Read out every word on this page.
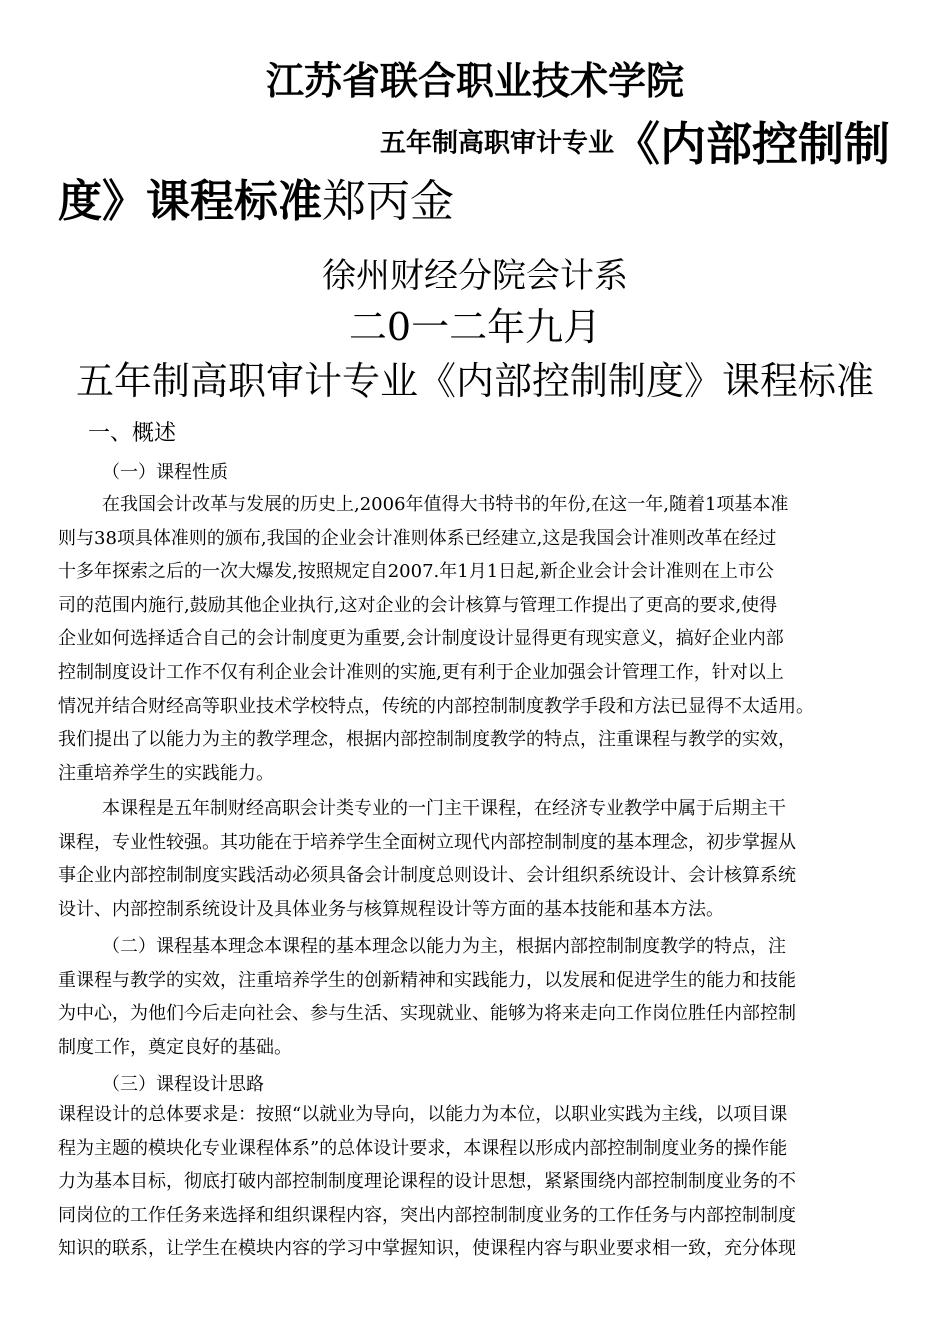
江苏省联合职业技术学院
五年制高职审计专业《内部控制制
度》课程标准郑丙金
徐州财经分院会计系
二0一二年九月
五年制高职审计专业《内部控制制度》课程标准
一、概述
（一）课程性质
在我国会计改革与发展的历史上,2006年值得大书特书的年份,在这一年,随着1项基本准
则与38项具体准则的颁布,我国的企业会计准则体系已经建立,这是我国会计准则改革在经过
十多年探索之后的一次大爆发,按照规定自2007.年1月1日起,新企业会计会计准则在上市公
司的范围内施行,鼓励其他企业执行,这对企业的会计核算与管理工作提出了更高的要求,使得
企业如何选择适合自己的会计制度更为重要,会计制度设计显得更有现实意义，搞好企业内部
控制制度设计工作不仅有利企业会计准则的实施,更有利于企业加强会计管理工作，针对以上
情况并结合财经高等职业技术学校特点，传统的内部控制制度教学手段和方法已显得不太适用。
我们提出了以能力为主的教学理念，根据内部控制制度教学的特点，注重课程与教学的实效，
注重培养学生的实践能力。
本课程是五年制财经高职会计类专业的一门主干课程，在经济专业教学中属于后期主干
课程，专业性较强。其功能在于培养学生全面树立现代内部控制制度的基本理念，初步掌握从
事企业内部控制制度实践活动必须具备会计制度总则设计、会计组织系统设计、会计核算系统
设计、内部控制系统设计及具体业务与核算规程设计等方面的基本技能和基本方法。
（二）课程基本理念本课程的基本理念以能力为主，根据内部控制制度教学的特点，注
重课程与教学的实效，注重培养学生的创新精神和实践能力，以发展和促进学生的能力和技能
为中心，为他们今后走向社会、参与生活、实现就业、能够为将来走向工作岗位胜任内部控制
制度工作，奠定良好的基础。
（三）课程设计思路
课程设计的总体要求是：按照“以就业为导向，以能力为本位，以职业实践为主线，以项目课
程为主题的模块化专业课程体系”的总体设计要求，本课程以形成内部控制制度业务的操作能
力为基本目标，彻底打破内部控制制度理论课程的设计思想，紧紧围绕内部控制制度业务的不
同岗位的工作任务来选择和组织课程内容，突出内部控制制度业务的工作任务与内部控制制度
知识的联系，让学生在模块内容的学习中掌握知识，使课程内容与职业要求相一致，充分体现
